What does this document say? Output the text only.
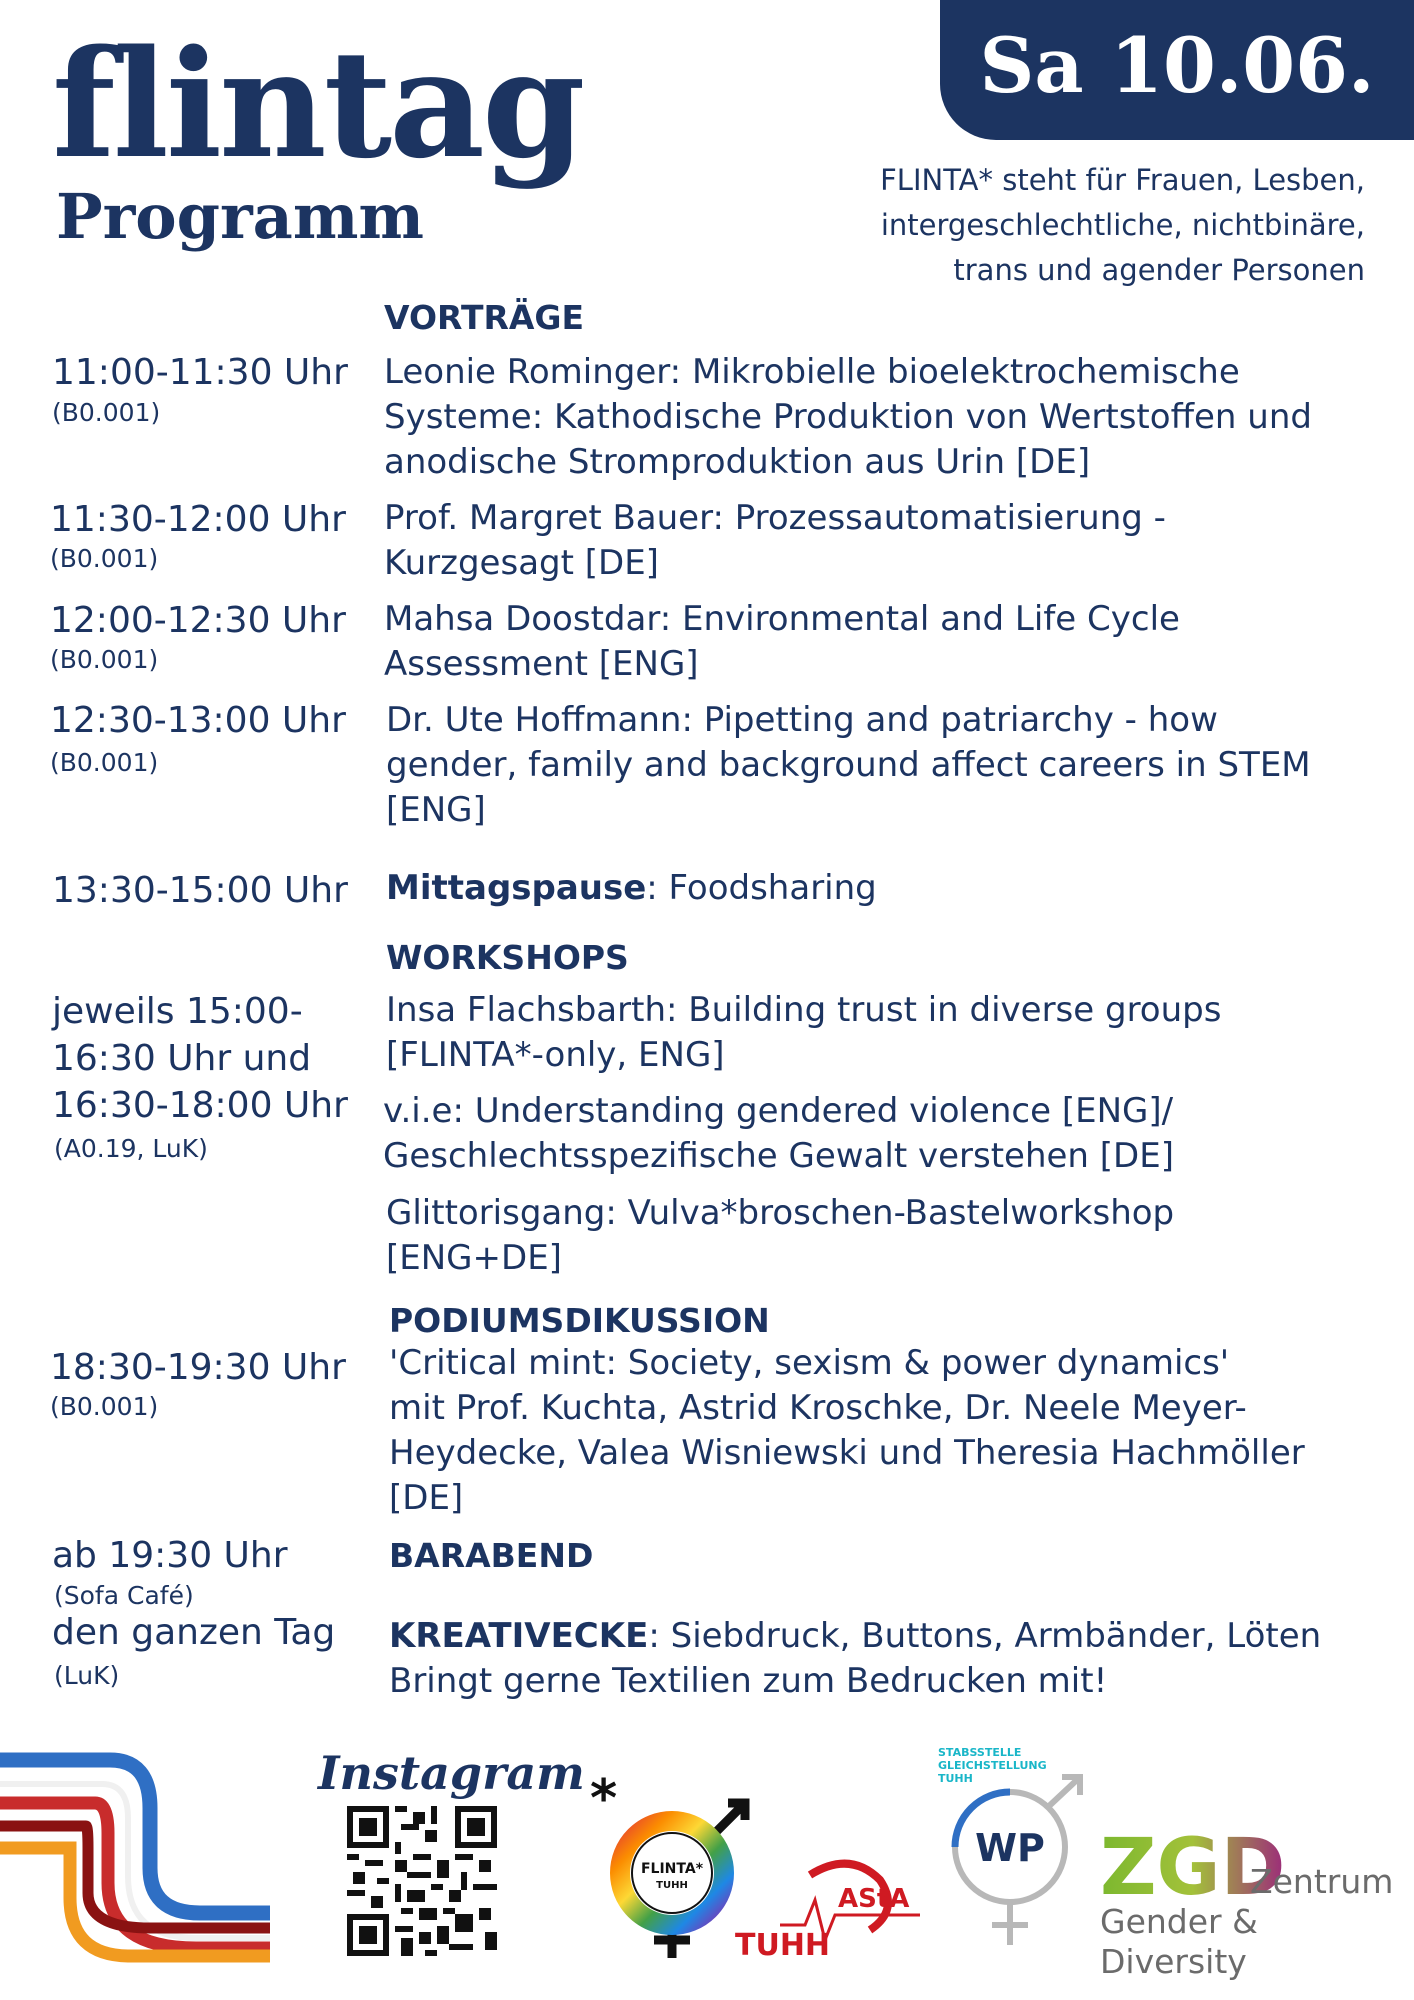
flintag
Programm
Sa 10.06.
FLINTA* steht für Frauen, Lesben,
intergeschlechtliche, nichtbinäre,
trans und agender Personen
VORTRÄGE
11:00-11:30 Uhr
(B0.001)
Leonie Rominger: Mikrobielle bioelektrochemische
Systeme: Kathodische Produktion von Wertstoffen und
anodische Stromproduktion aus Urin [DE]
11:30-12:00 Uhr
(B0.001)
Prof. Margret Bauer: Prozessautomatisierung -
Kurzgesagt [DE]
12:00-12:30 Uhr
(B0.001)
Mahsa Doostdar: Environmental and Life Cycle
Assessment [ENG]
12:30-13:00 Uhr
(B0.001)
Dr. Ute Hoffmann: Pipetting and patriarchy - how
gender, family and background affect careers in STEM
[ENG]
13:30-15:00 Uhr Mittagspause: Foodsharing
WORKSHOPS
jeweils 15:00-
16:30 Uhr und
16:30-18:00 Uhr
(A0.19, LuK)
Insa Flachsbarth: Building trust in diverse groups
[FLINTA*-only, ENG]
v.i.e: Understanding gendered violence [ENG]/
Geschlechtsspezifische Gewalt verstehen [DE]
Glittorisgang: Vulva*broschen-Bastelworkshop
[ENG+DE]
PODIUMSDIKUSSION
18:30-19:30 Uhr
(B0.001)
'Critical mint: Society, sexism & power dynamics'
mit Prof. Kuchta, Astrid Kroschke, Dr. Neele Meyer-
Heydecke, Valea Wisniewski und Theresia Hachmöller
[DE]
ab 19:30 Uhr
(Sofa Café)
BARABEND
den ganzen Tag
(LuK)
KREATIVECKE: Siebdruck, Buttons, Armbänder, Löten
Bringt gerne Textilien zum Bedrucken mit!
Instagram *
FLINTA*
TUHH	AStA
TUHH
STABSSTELLE
GLEICHSTELLUNG
TUHH
WP ZGD
Zentrum
Gender & Diversity
